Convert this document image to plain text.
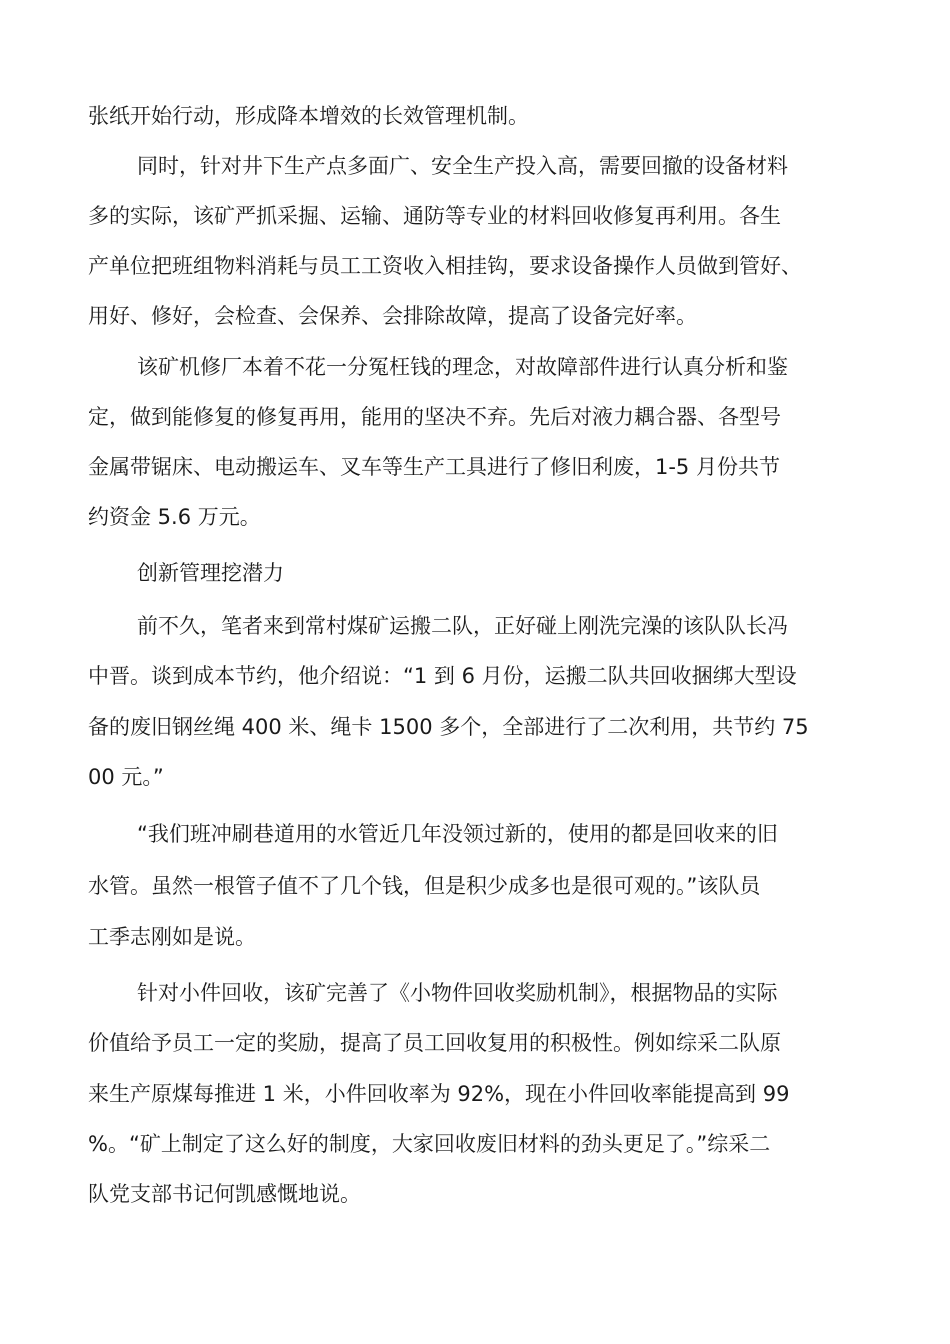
张纸开始行动，形成降本增效的长效管理机制。

同时，针对井下生产点多面广、安全生产投入高，需要回撤的设备材料

多的实际，该矿严抓采掘、运输、通防等专业的材料回收修复再利用。各生

产单位把班组物料消耗与员工工资收入相挂钩，要求设备操作人员做到管好、

用好、修好，会检查、会保养、会排除故障，提高了设备完好率。

该矿机修厂本着不花一分冤枉钱的理念，对故障部件进行认真分析和鉴

定，做到能修复的修复再用，能用的坚决不弃。先后对液力耦合器、各型号

金属带锯床、电动搬运车、叉车等生产工具进行了修旧利废，1-5 月份共节

约资金 5.6 万元。

创新管理挖潜力

前不久，笔者来到常村煤矿运搬二队，正好碰上刚洗完澡的该队队长冯

中晋。谈到成本节约，他介绍说：“1 到 6 月份，运搬二队共回收捆绑大型设

备的废旧钢丝绳 400 米、绳卡 1500 多个，全部进行了二次利用，共节约 75

00 元。”

“我们班冲刷巷道用的水管近几年没领过新的，使用的都是回收来的旧

水管。虽然一根管子值不了几个钱，但是积少成多也是很可观的。”该队员

工季志刚如是说。

针对小件回收，该矿完善了《小物件回收奖励机制》，根据物品的实际

价值给予员工一定的奖励，提高了员工回收复用的积极性。例如综采二队原

来生产原煤每推进 1 米，小件回收率为 92%，现在小件回收率能提高到 99

%。“矿上制定了这么好的制度，大家回收废旧材料的劲头更足了。”综采二

队党支部书记何凯感慨地说。
